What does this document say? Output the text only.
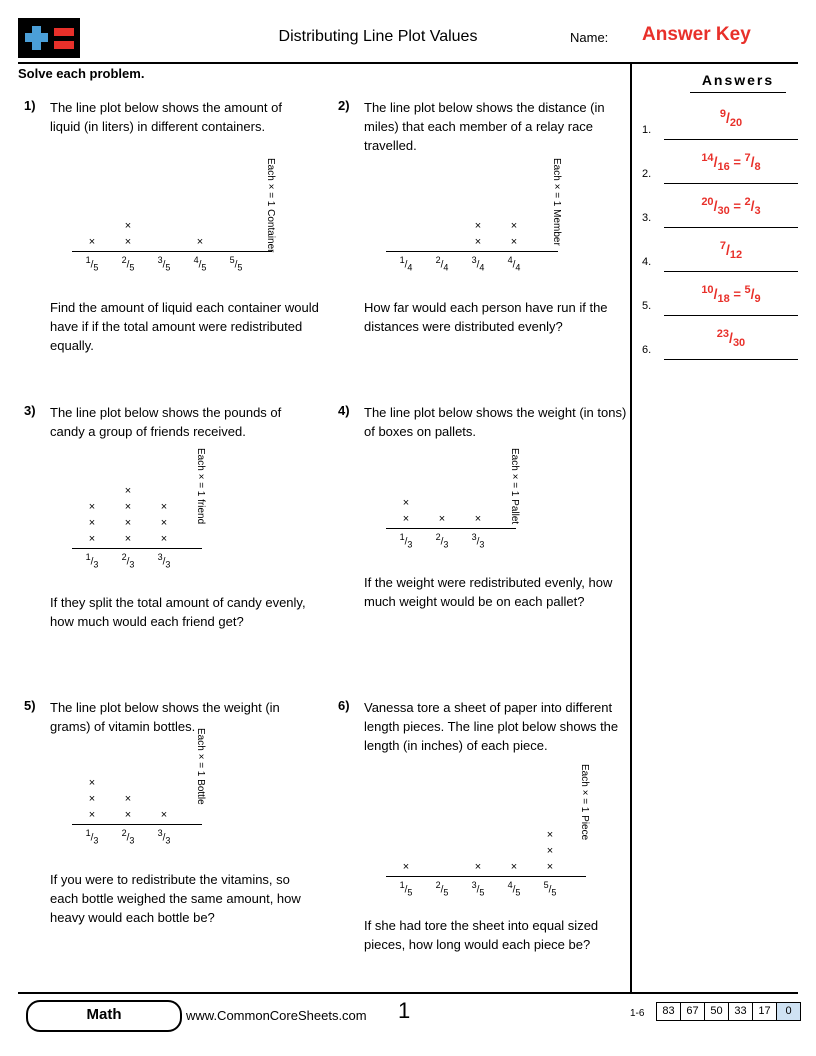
Distributing Line Plot Values	Name: Answer Key
Solve each problem.	Answers
1.
$^9/_{20}$
2.
$^{14}/_{16} = ^7/_8$
3.
$^{20}/_{30} = ^2/_3$
4.
$^7/_{12}$
5.
$^{10}/_{18} = ^5/_9$
6.
$^{23}/_{30}$
1)	The line plot below shows the amount of liquid (in liters) in different containers.
×	×
×
×
$^1/_5$
$^2/_5$
$^3/_5$
$^4/_5$
$^5/_5$
Each × = 1 Container
Find the amount of liquid each container would have if if the total amount were redistributed equally.
2)	The line plot below shows the distance (in miles) that each member of a relay race travelled.
×
×
×
×
$^1/_4$
$^2/_4$
$^3/_4$
$^4/_4$
Each × = 1 Member
How far would each person have run if the distances were distributed evenly?
3)	The line plot below shows the pounds of candy a group of friends received.
×
×
×
×
×
×
×
×
×
×
$^1/_3$
$^2/_3$
$^3/_3$
Each × = 1 friend
If they split the total amount of candy evenly, how much would each friend get?
4)	The line plot below shows the weight (in tons) of boxes on pallets.
×
×
×	×
$^1/_3$
$^2/_3$
$^3/_3$
Each × = 1 Pallet
If the weight were redistributed evenly, how much weight would be on each pallet?
5)	The line plot below shows the weight (in grams) of vitamin bottles.
×
×
×
×
×
×
$^1/_3$
$^2/_3$
$^3/_3$
Each × = 1 Bottle
If you were to redistribute the vitamins, so each bottle weighed the same amount, how heavy would each bottle be?
6)	Vanessa tore a sheet of paper into different length pieces. The line plot below shows the length (in inches) of each piece.
×	×	×	×
×
×
$^1/_5$
$^2/_5$
$^3/_5$
$^4/_5$
$^5/_5$
Each × = 1 Piece
If she had tore the sheet into equal sized pieces, how long would each piece be?
Math	www.CommonCoreSheets.com 1	1-6	83	67	50	33	17	0
